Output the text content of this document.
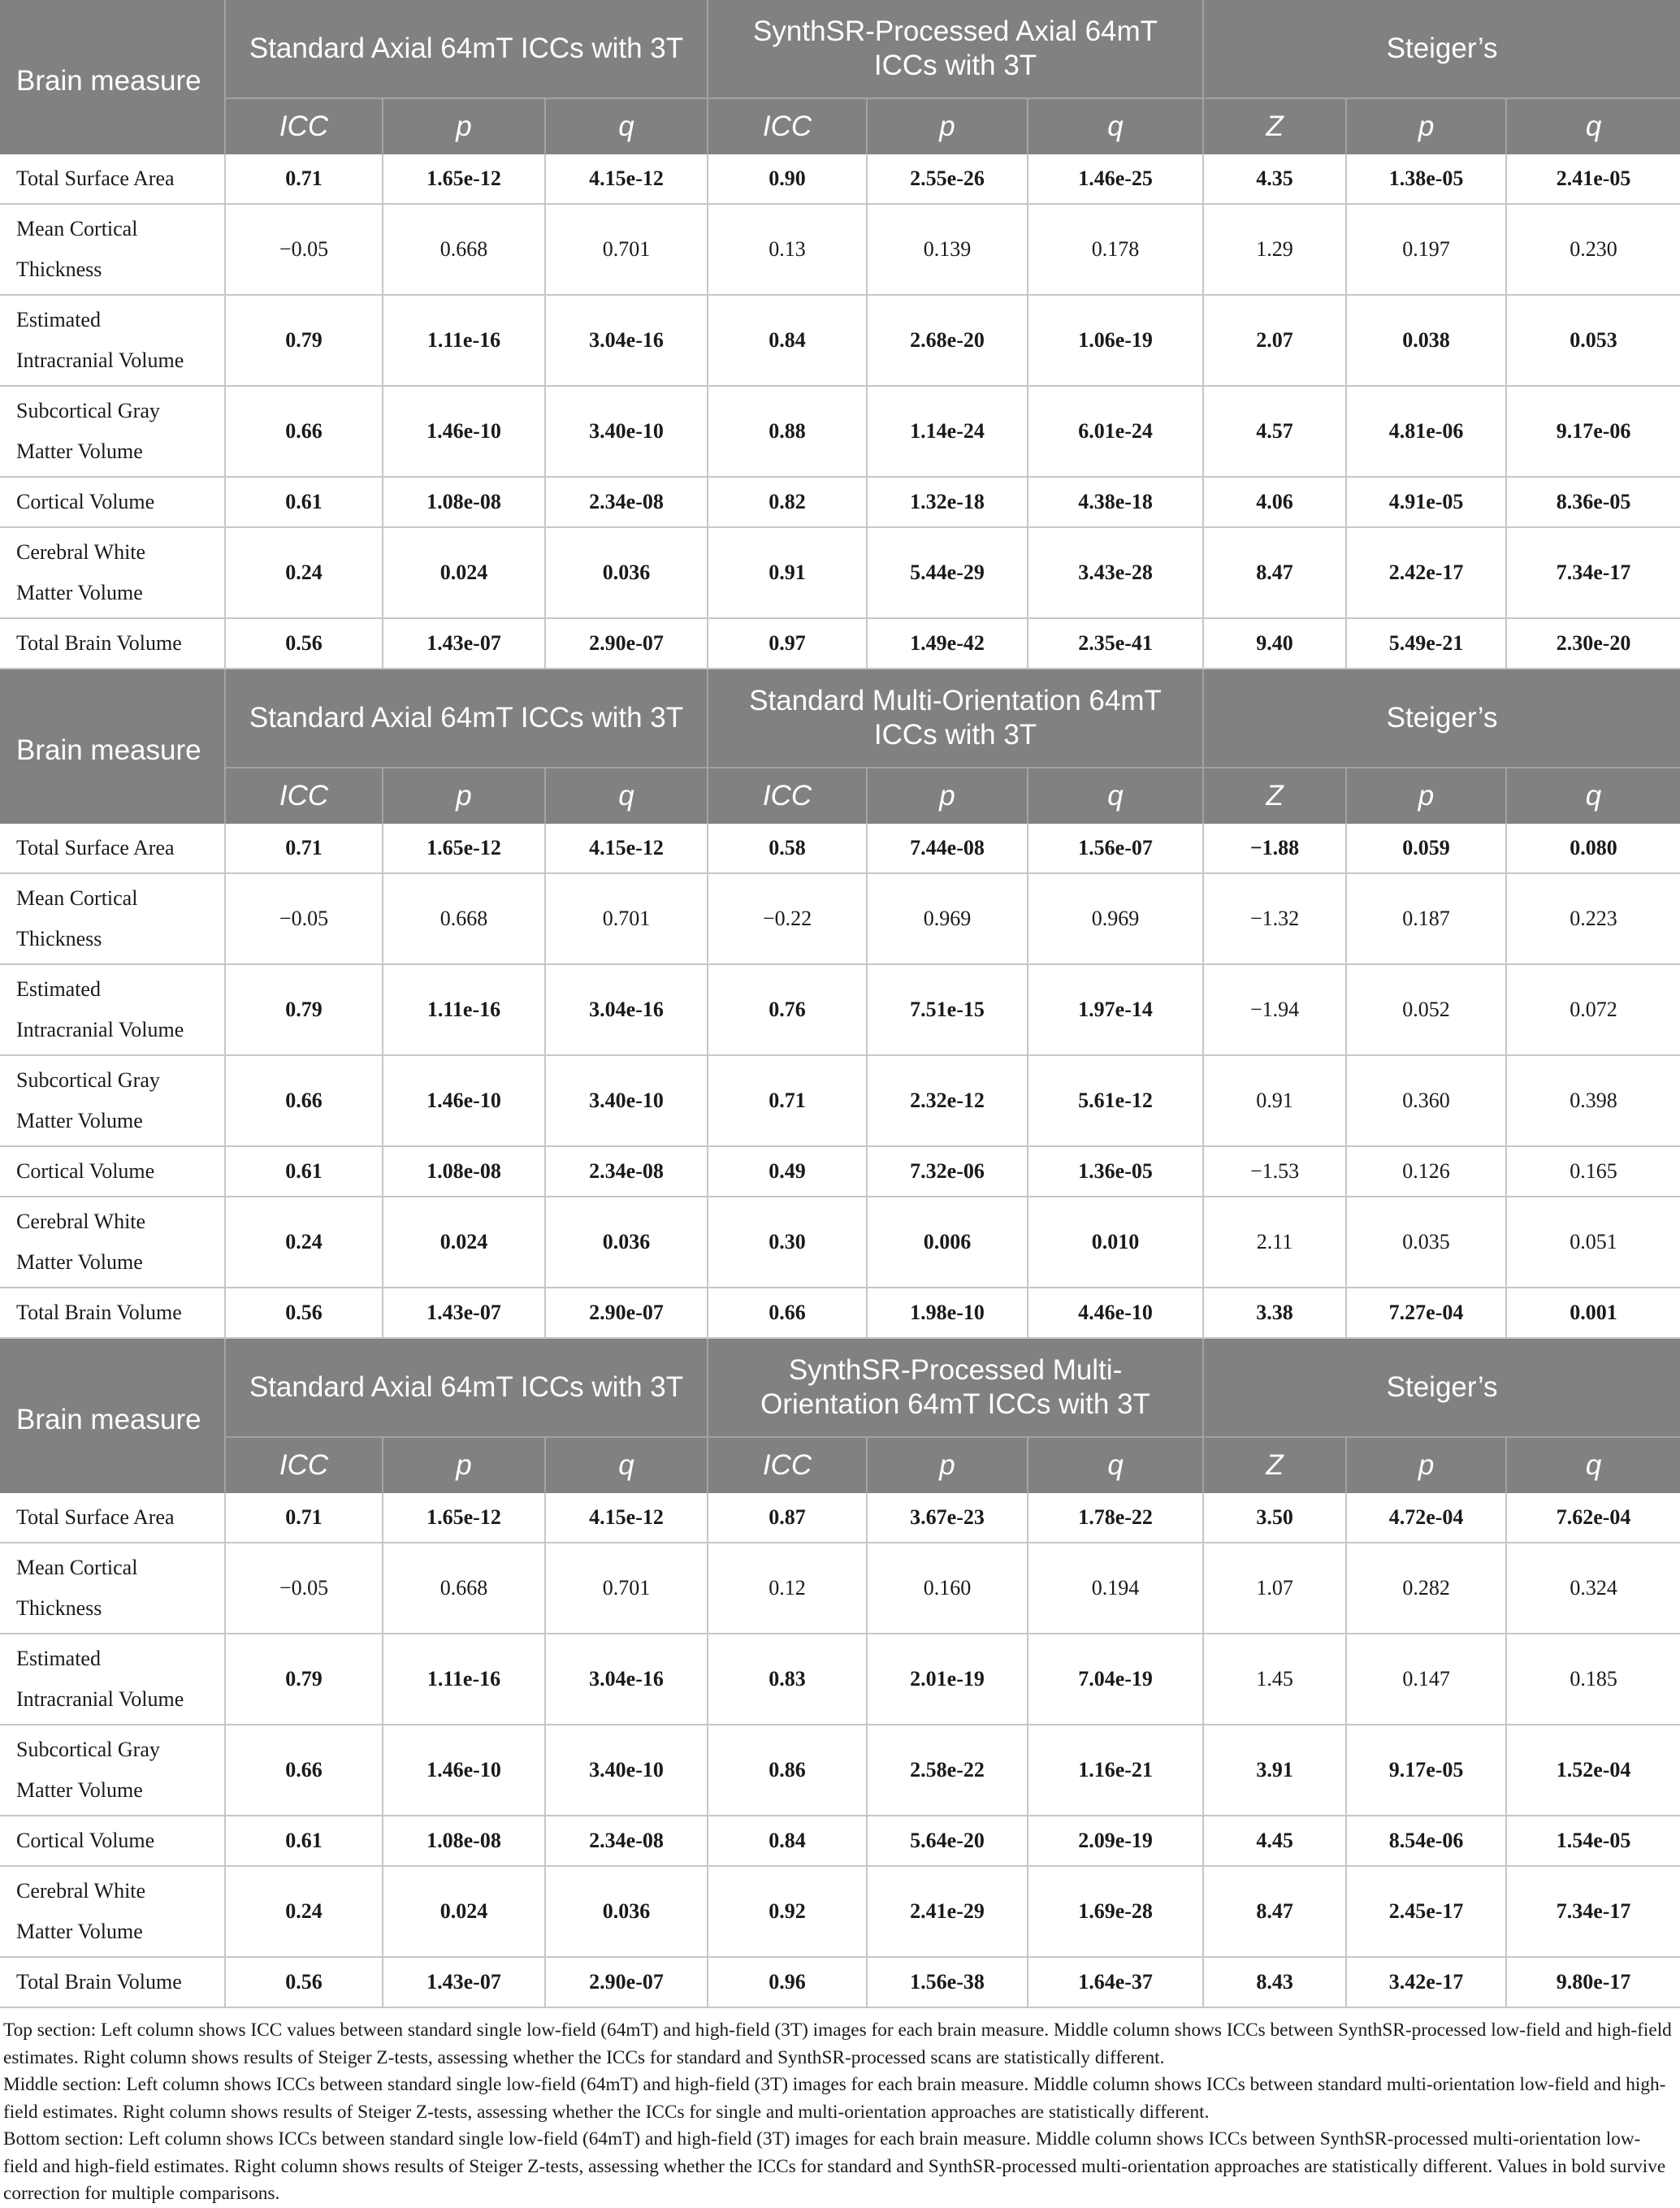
Brain measure	Standard Axial 64mT ICCs with 3T			SynthSR-Processed Axial 64mT ICCs with 3T			Steiger’s		
	ICC	p	q	ICC	p	q	Z	p	q
Total Surface Area	0.71	1.65e-12	4.15e-12	0.90	2.55e-26	1.46e-25	4.35	1.38e-05	2.41e-05
Mean Cortical Thickness	−0.05	0.668	0.701	0.13	0.139	0.178	1.29	0.197	0.230
Estimated Intracranial Volume	0.79	1.11e-16	3.04e-16	0.84	2.68e-20	1.06e-19	2.07	0.038	0.053
Subcortical Gray Matter Volume	0.66	1.46e-10	3.40e-10	0.88	1.14e-24	6.01e-24	4.57	4.81e-06	9.17e-06
Cortical Volume	0.61	1.08e-08	2.34e-08	0.82	1.32e-18	4.38e-18	4.06	4.91e-05	8.36e-05
Cerebral White Matter Volume	0.24	0.024	0.036	0.91	5.44e-29	3.43e-28	8.47	2.42e-17	7.34e-17
Total Brain Volume	0.56	1.43e-07	2.90e-07	0.97	1.49e-42	2.35e-41	9.40	5.49e-21	2.30e-20
Brain measure	Standard Axial 64mT ICCs with 3T			Standard Multi-Orientation 64mT ICCs with 3T			Steiger’s		
	ICC	p	q	ICC	p	q	Z	p	q
Total Surface Area	0.71	1.65e-12	4.15e-12	0.58	7.44e-08	1.56e-07	−1.88	0.059	0.080
Mean Cortical Thickness	−0.05	0.668	0.701	−0.22	0.969	0.969	−1.32	0.187	0.223
Estimated Intracranial Volume	0.79	1.11e-16	3.04e-16	0.76	7.51e-15	1.97e-14	−1.94	0.052	0.072
Subcortical Gray Matter Volume	0.66	1.46e-10	3.40e-10	0.71	2.32e-12	5.61e-12	0.91	0.360	0.398
Cortical Volume	0.61	1.08e-08	2.34e-08	0.49	7.32e-06	1.36e-05	−1.53	0.126	0.165
Cerebral White Matter Volume	0.24	0.024	0.036	0.30	0.006	0.010	2.11	0.035	0.051
Total Brain Volume	0.56	1.43e-07	2.90e-07	0.66	1.98e-10	4.46e-10	3.38	7.27e-04	0.001
Brain measure	Standard Axial 64mT ICCs with 3T			SynthSR-Processed Multi-Orientation 64mT ICCs with 3T			Steiger’s		
	ICC	p	q	ICC	p	q	Z	p	q
Total Surface Area	0.71	1.65e-12	4.15e-12	0.87	3.67e-23	1.78e-22	3.50	4.72e-04	7.62e-04
Mean Cortical Thickness	−0.05	0.668	0.701	0.12	0.160	0.194	1.07	0.282	0.324
Estimated Intracranial Volume	0.79	1.11e-16	3.04e-16	0.83	2.01e-19	7.04e-19	1.45	0.147	0.185
Subcortical Gray Matter Volume	0.66	1.46e-10	3.40e-10	0.86	2.58e-22	1.16e-21	3.91	9.17e-05	1.52e-04
Cortical Volume	0.61	1.08e-08	2.34e-08	0.84	5.64e-20	2.09e-19	4.45	8.54e-06	1.54e-05
Cerebral White Matter Volume	0.24	0.024	0.036	0.92	2.41e-29	1.69e-28	8.47	2.45e-17	7.34e-17
Total Brain Volume	0.56	1.43e-07	2.90e-07	0.96	1.56e-38	1.64e-37	8.43	3.42e-17	9.80e-17
Top section: Left column shows ICC values between standard single low-field (64mT) and high-field (3T) images for each brain measure. Middle column shows ICCs between SynthSR-processed low-field and high-field estimates. Right column shows results of Steiger Z-tests, assessing whether the ICCs for standard and SynthSR-processed scans are statistically different.
Middle section: Left column shows ICCs between standard single low-field (64mT) and high-field (3T) images for each brain measure. Middle column shows ICCs between standard multi-orientation low-field and high-field estimates. Right column shows results of Steiger Z-tests, assessing whether the ICCs for single and multi-orientation approaches are statistically different.
Bottom section: Left column shows ICCs between standard single low-field (64mT) and high-field (3T) images for each brain measure. Middle column shows ICCs between SynthSR-processed multi-orientation low-field and high-field estimates. Right column shows results of Steiger Z-tests, assessing whether the ICCs for standard and SynthSR-processed multi-orientation approaches are statistically different. Values in bold survive correction for multiple comparisons.
